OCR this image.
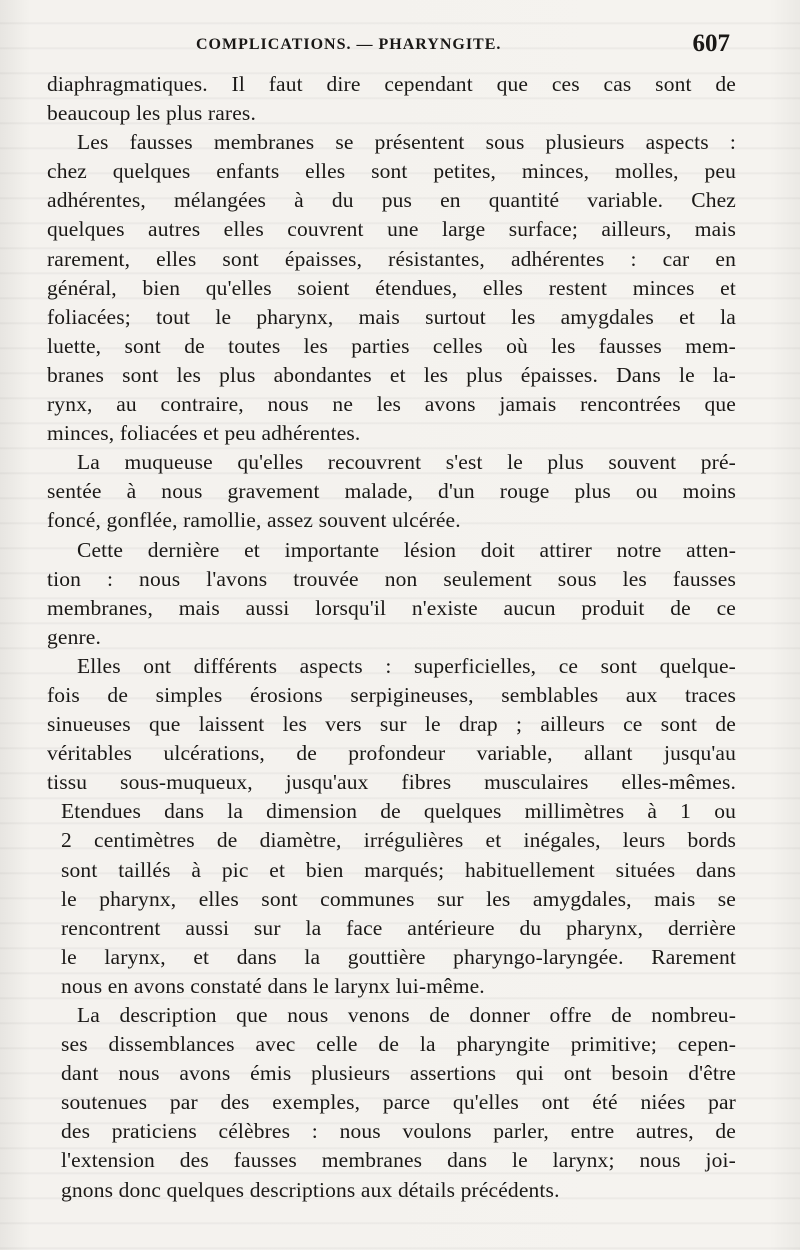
COMPLICATIONS. — PHARYNGITE.	607
diaphragmatiques. Il faut dire cependant que ces cas sont de
beaucoup les plus rares.
Les fausses membranes se présentent sous plusieurs aspects :
chez quelques enfants elles sont petites, minces, molles, peu
adhérentes, mélangées à du pus en quantité variable. Chez
quelques autres elles couvrent une large surface; ailleurs, mais
rarement, elles sont épaisses, résistantes, adhérentes : car en
général, bien qu'elles soient étendues, elles restent minces et
foliacées; tout le pharynx, mais surtout les amygdales et la
luette, sont de toutes les parties celles où les fausses mem-
branes sont les plus abondantes et les plus épaisses. Dans le la-
rynx, au contraire, nous ne les avons jamais rencontrées que
minces, foliacées et peu adhérentes.
La muqueuse qu'elles recouvrent s'est le plus souvent pré-
sentée à nous gravement malade, d'un rouge plus ou moins
foncé, gonflée, ramollie, assez souvent ulcérée.
Cette dernière et importante lésion doit attirer notre atten-
tion : nous l'avons trouvée non seulement sous les fausses
membranes, mais aussi lorsqu'il n'existe aucun produit de ce
genre.
Elles ont différents aspects : superficielles, ce sont quelque-
fois de simples érosions serpigineuses, semblables aux traces
sinueuses que laissent les vers sur le drap ; ailleurs ce sont de
véritables ulcérations, de profondeur variable, allant jusqu'au
tissu sous-muqueux, jusqu'aux fibres musculaires elles-mêmes.
Etendues dans la dimension de quelques millimètres à 1 ou
2 centimètres de diamètre, irrégulières et inégales, leurs bords
sont taillés à pic et bien marqués; habituellement situées dans
le pharynx, elles sont communes sur les amygdales, mais se
rencontrent aussi sur la face antérieure du pharynx, derrière
le larynx, et dans la gouttière pharyngo-laryngée. Rarement
nous en avons constaté dans le larynx lui-même.
La description que nous venons de donner offre de nombreu-
ses dissemblances avec celle de la pharyngite primitive; cepen-
dant nous avons émis plusieurs assertions qui ont besoin d'être
soutenues par des exemples, parce qu'elles ont été niées par
des praticiens célèbres : nous voulons parler, entre autres, de
l'extension des fausses membranes dans le larynx; nous joi-
gnons donc quelques descriptions aux détails précédents.
